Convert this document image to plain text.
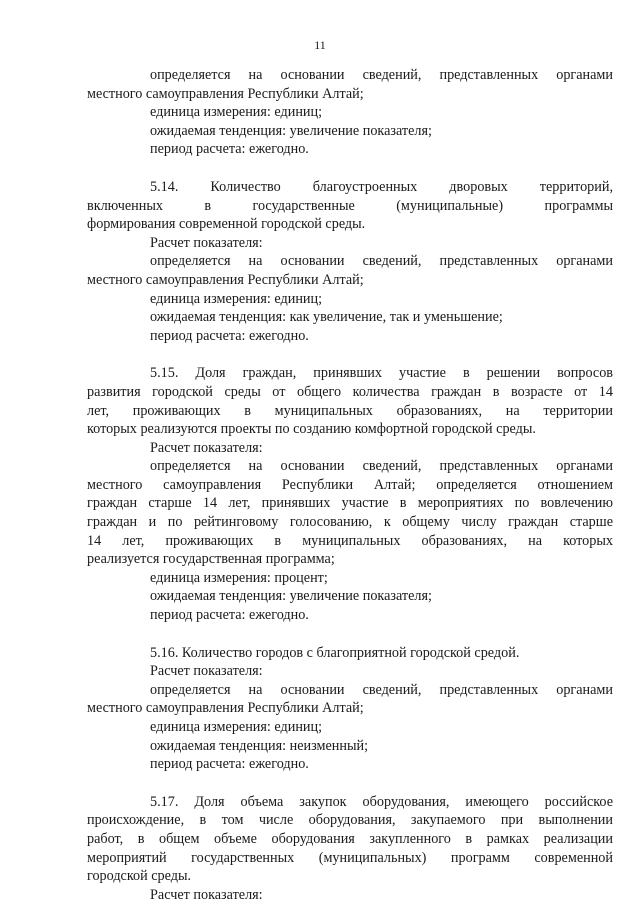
11
определяется на основании сведений, представленных органами
местного самоуправления Республики Алтай;
единица измерения: единиц;
ожидаемая тенденция: увеличение показателя;
период расчета: ежегодно.
5.14. Количество благоустроенных дворовых территорий,
включенных в государственные (муниципальные) программы
формирования современной городской среды.
Расчет показателя:
определяется на основании сведений, представленных органами
местного самоуправления Республики Алтай;
единица измерения: единиц;
ожидаемая тенденция: как увеличение, так и уменьшение;
период расчета: ежегодно.
5.15. Доля граждан, принявших участие в решении вопросов
развития городской среды от общего количества граждан в возрасте от 14
лет, проживающих в муниципальных образованиях, на территории
которых реализуются проекты по созданию комфортной городской среды.
Расчет показателя:
определяется на основании сведений, представленных органами
местного самоуправления Республики Алтай; определяется отношением
граждан старше 14 лет, принявших участие в мероприятиях по вовлечению
граждан и по рейтинговому голосованию, к общему числу граждан старше
14 лет, проживающих в муниципальных образованиях, на которых
реализуется государственная программа;
единица измерения: процент;
ожидаемая тенденция: увеличение показателя;
период расчета: ежегодно.
5.16. Количество городов с благоприятной городской средой.
Расчет показателя:
определяется на основании сведений, представленных органами
местного самоуправления Республики Алтай;
единица измерения: единиц;
ожидаемая тенденция: неизменный;
период расчета: ежегодно.
5.17. Доля объема закупок оборудования, имеющего российское
происхождение, в том числе оборудования, закупаемого при выполнении
работ, в общем объеме оборудования закупленного в рамках реализации
мероприятий государственных (муниципальных) программ современной
городской среды.
Расчет показателя:
